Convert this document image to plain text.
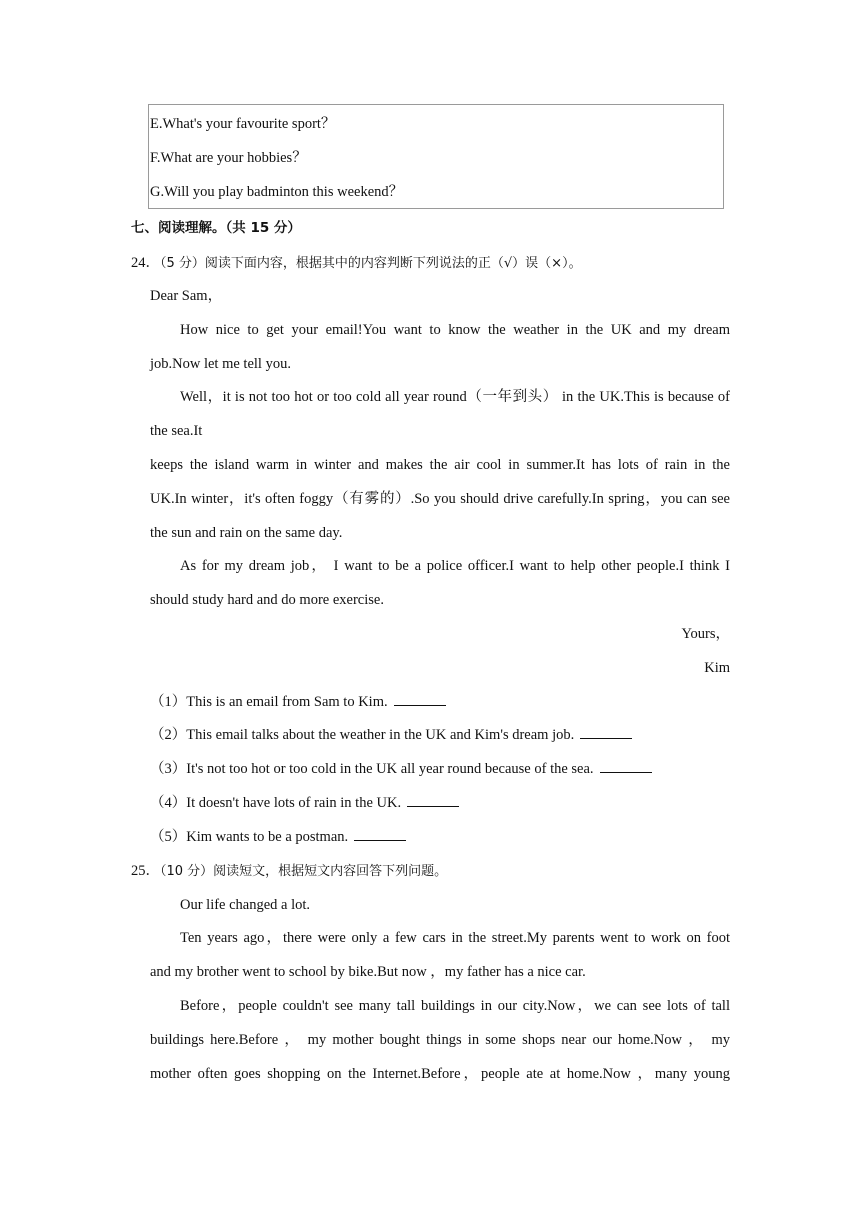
E.What's your favourite sport？
F.What are your hobbies？
G.Will you play badminton this weekend？
七、阅读理解。（共 15 分）
24．（5 分）阅读下面内容，根据其中的内容判断下列说法的正（√）误（×）。
Dear Sam，
How nice to get your email!You want to know the weather in the UK and my dream
job.Now let me tell you.
Well，it is not too hot or too cold all year round（一年到头） in the UK.This is because of
the sea.It
keeps the island warm in winter and makes the air cool in summer.It has lots of rain in the
UK.In winter，it's often foggy（有雾的）.So you should drive carefully.In spring，you can see
the sun and rain on the same day.
As for my dream job， I want to be a police officer.I want to help other people.I think I
should study hard and do more exercise.
Yours，
Kim
（1）This is an email from Sam to Kim.
（2）This email talks about the weather in the UK and Kim's dream job.
（3）It's not too hot or too cold in the UK all year round because of the sea.
（4）It doesn't have lots of rain in the UK.
（5）Kim wants to be a postman.
25．（10 分）阅读短文，根据短文内容回答下列问题。
Our life changed a lot.
Ten years ago，there were only a few cars in the street.My parents went to work on foot
and my brother went to school by bike.But now ，my father has a nice car.
Before，people couldn't see many tall buildings in our city.Now，we can see lots of tall
buildings here.Before ， my mother bought things in some shops near our home.Now ， my
mother often goes shopping on the Internet.Before，people ate at home.Now ，many young
